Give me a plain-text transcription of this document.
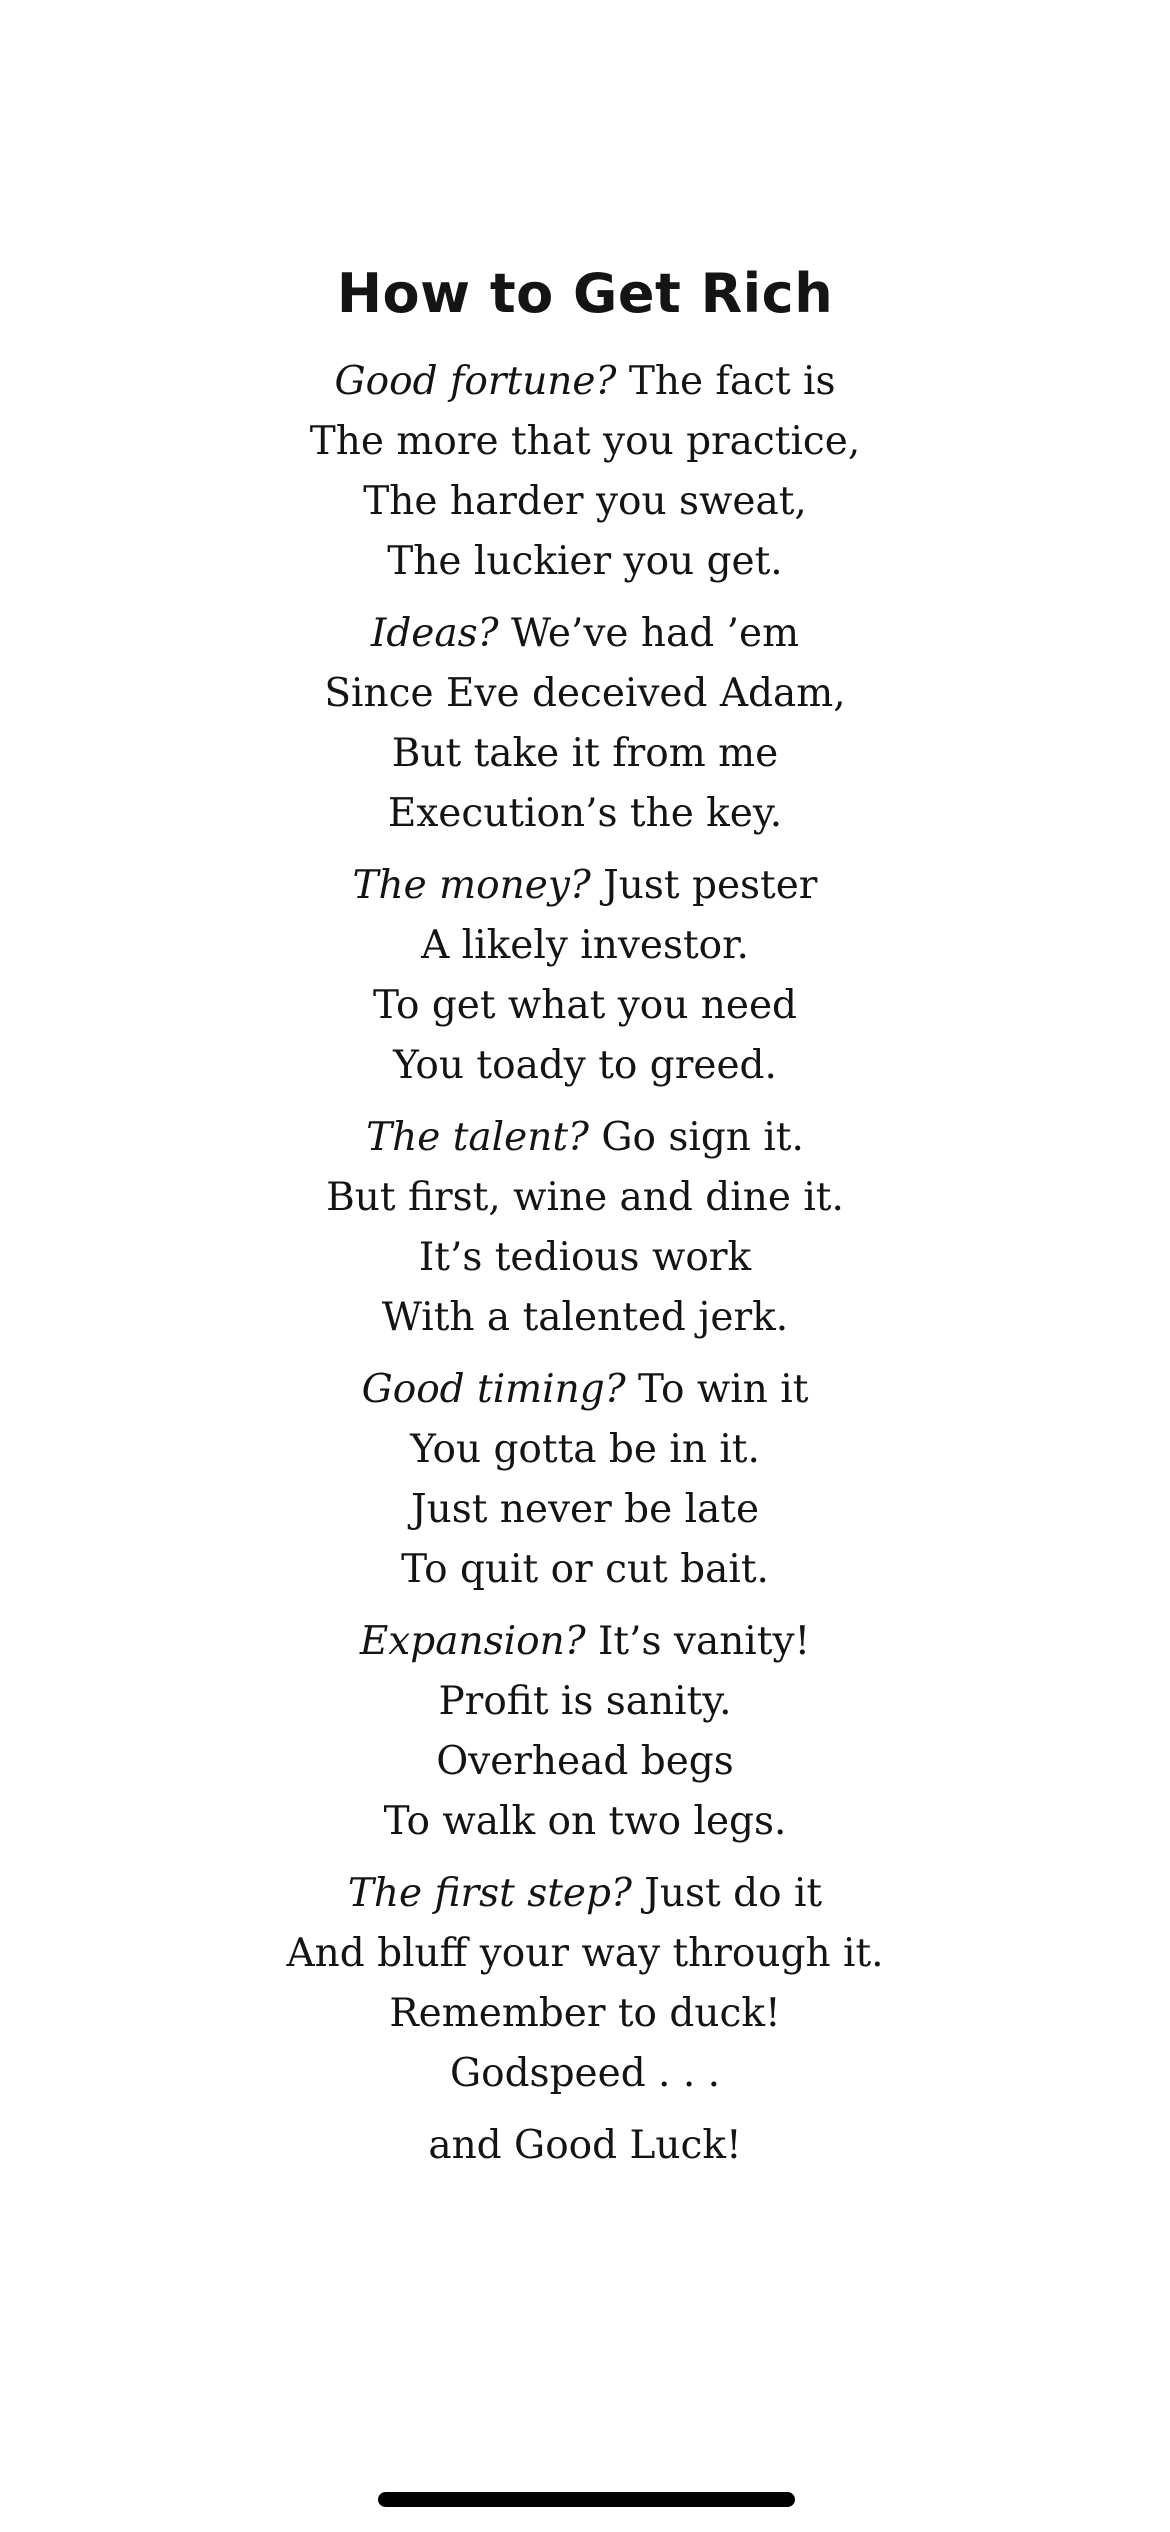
How to Get Rich
Good fortune? The fact is
The more that you practice,
The harder you sweat,
The luckier you get.
Ideas? We’ve had ’em
Since Eve deceived Adam,
But take it from me
Execution’s the key.
The money? Just pester
A likely investor.
To get what you need
You toady to greed.
The talent? Go sign it.
But first, wine and dine it.
It’s tedious work
With a talented jerk.
Good timing? To win it
You gotta be in it.
Just never be late
To quit or cut bait.
Expansion? It’s vanity!
Profit is sanity.
Overhead begs
To walk on two legs.
The first step? Just do it
And bluff your way through it.
Remember to duck!
Godspeed . . .
and Good Luck!
